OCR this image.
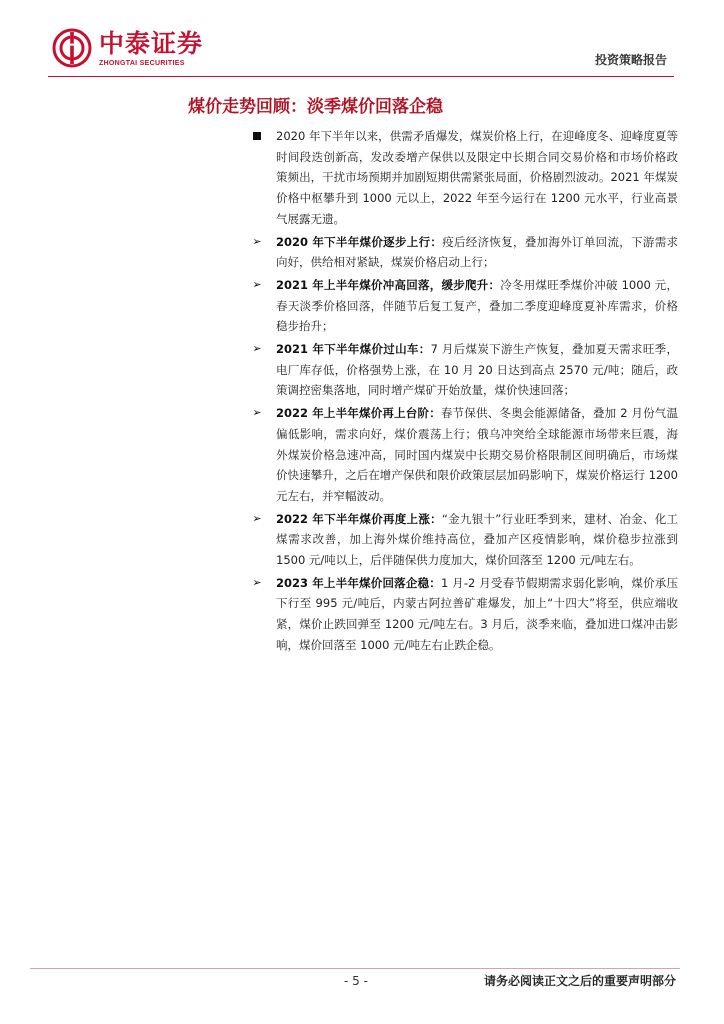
中泰证券
ZHONGTAI SECURITIES	投资策略报告
煤价走势回顾：淡季煤价回落企稳

2020 年下半年以来，供需矛盾爆发，煤炭价格上行，在迎峰度冬、迎峰度夏等时间段迭创新高，发改委增产保供以及限定中长期合同交易价格和市场价格政策频出，干扰市场预期并加剧短期供需紧张局面，价格剧烈波动。2021 年煤炭价格中枢攀升到 1000 元以上，2022 年至今运行在 1200 元水平，行业高景气展露无遗。

➢ 2020 年下半年煤价逐步上行：疫后经济恢复，叠加海外订单回流，下游需求向好，供给相对紧缺，煤炭价格启动上行；

➢ 2021 年上半年煤价冲高回落，缓步爬升：冷冬用煤旺季煤价冲破 1000 元，春天淡季价格回落，伴随节后复工复产，叠加二季度迎峰度夏补库需求，价格稳步抬升；

➢ 2021 年下半年煤价过山车：7 月后煤炭下游生产恢复，叠加夏天需求旺季，电厂库存低，价格强势上涨，在 10 月 20 日达到高点 2570 元/吨；随后，政策调控密集落地，同时增产煤矿开始放量，煤价快速回落；

➢ 2022 年上半年煤价再上台阶：春节保供、冬奥会能源储备，叠加 2 月份气温偏低影响，需求向好，煤价震荡上行；俄乌冲突给全球能源市场带来巨震，海外煤炭价格急速冲高，同时国内煤炭中长期交易价格限制区间明确后，市场煤价快速攀升，之后在增产保供和限价政策层层加码影响下，煤炭价格运行 1200 元左右，并窄幅波动。

➢ 2022 年下半年煤价再度上涨：“金九银十”行业旺季到来，建材、冶金、化工煤需求改善，加上海外煤价维持高位，叠加产区疫情影响，煤价稳步拉涨到 1500 元/吨以上，后伴随保供力度加大，煤价回落至 1200 元/吨左右。

➢ 2023 年上半年煤价回落企稳：1 月-2 月受春节假期需求弱化影响，煤价承压下行至 995 元/吨后，内蒙古阿拉善矿难爆发，加上“十四大”将至，供应端收紧，煤价止跌回弹至 1200 元/吨左右。3 月后，淡季来临，叠加进口煤冲击影响，煤价回落至 1000 元/吨左右止跌企稳。

- 5 -	请务必阅读正文之后的重要声明部分
